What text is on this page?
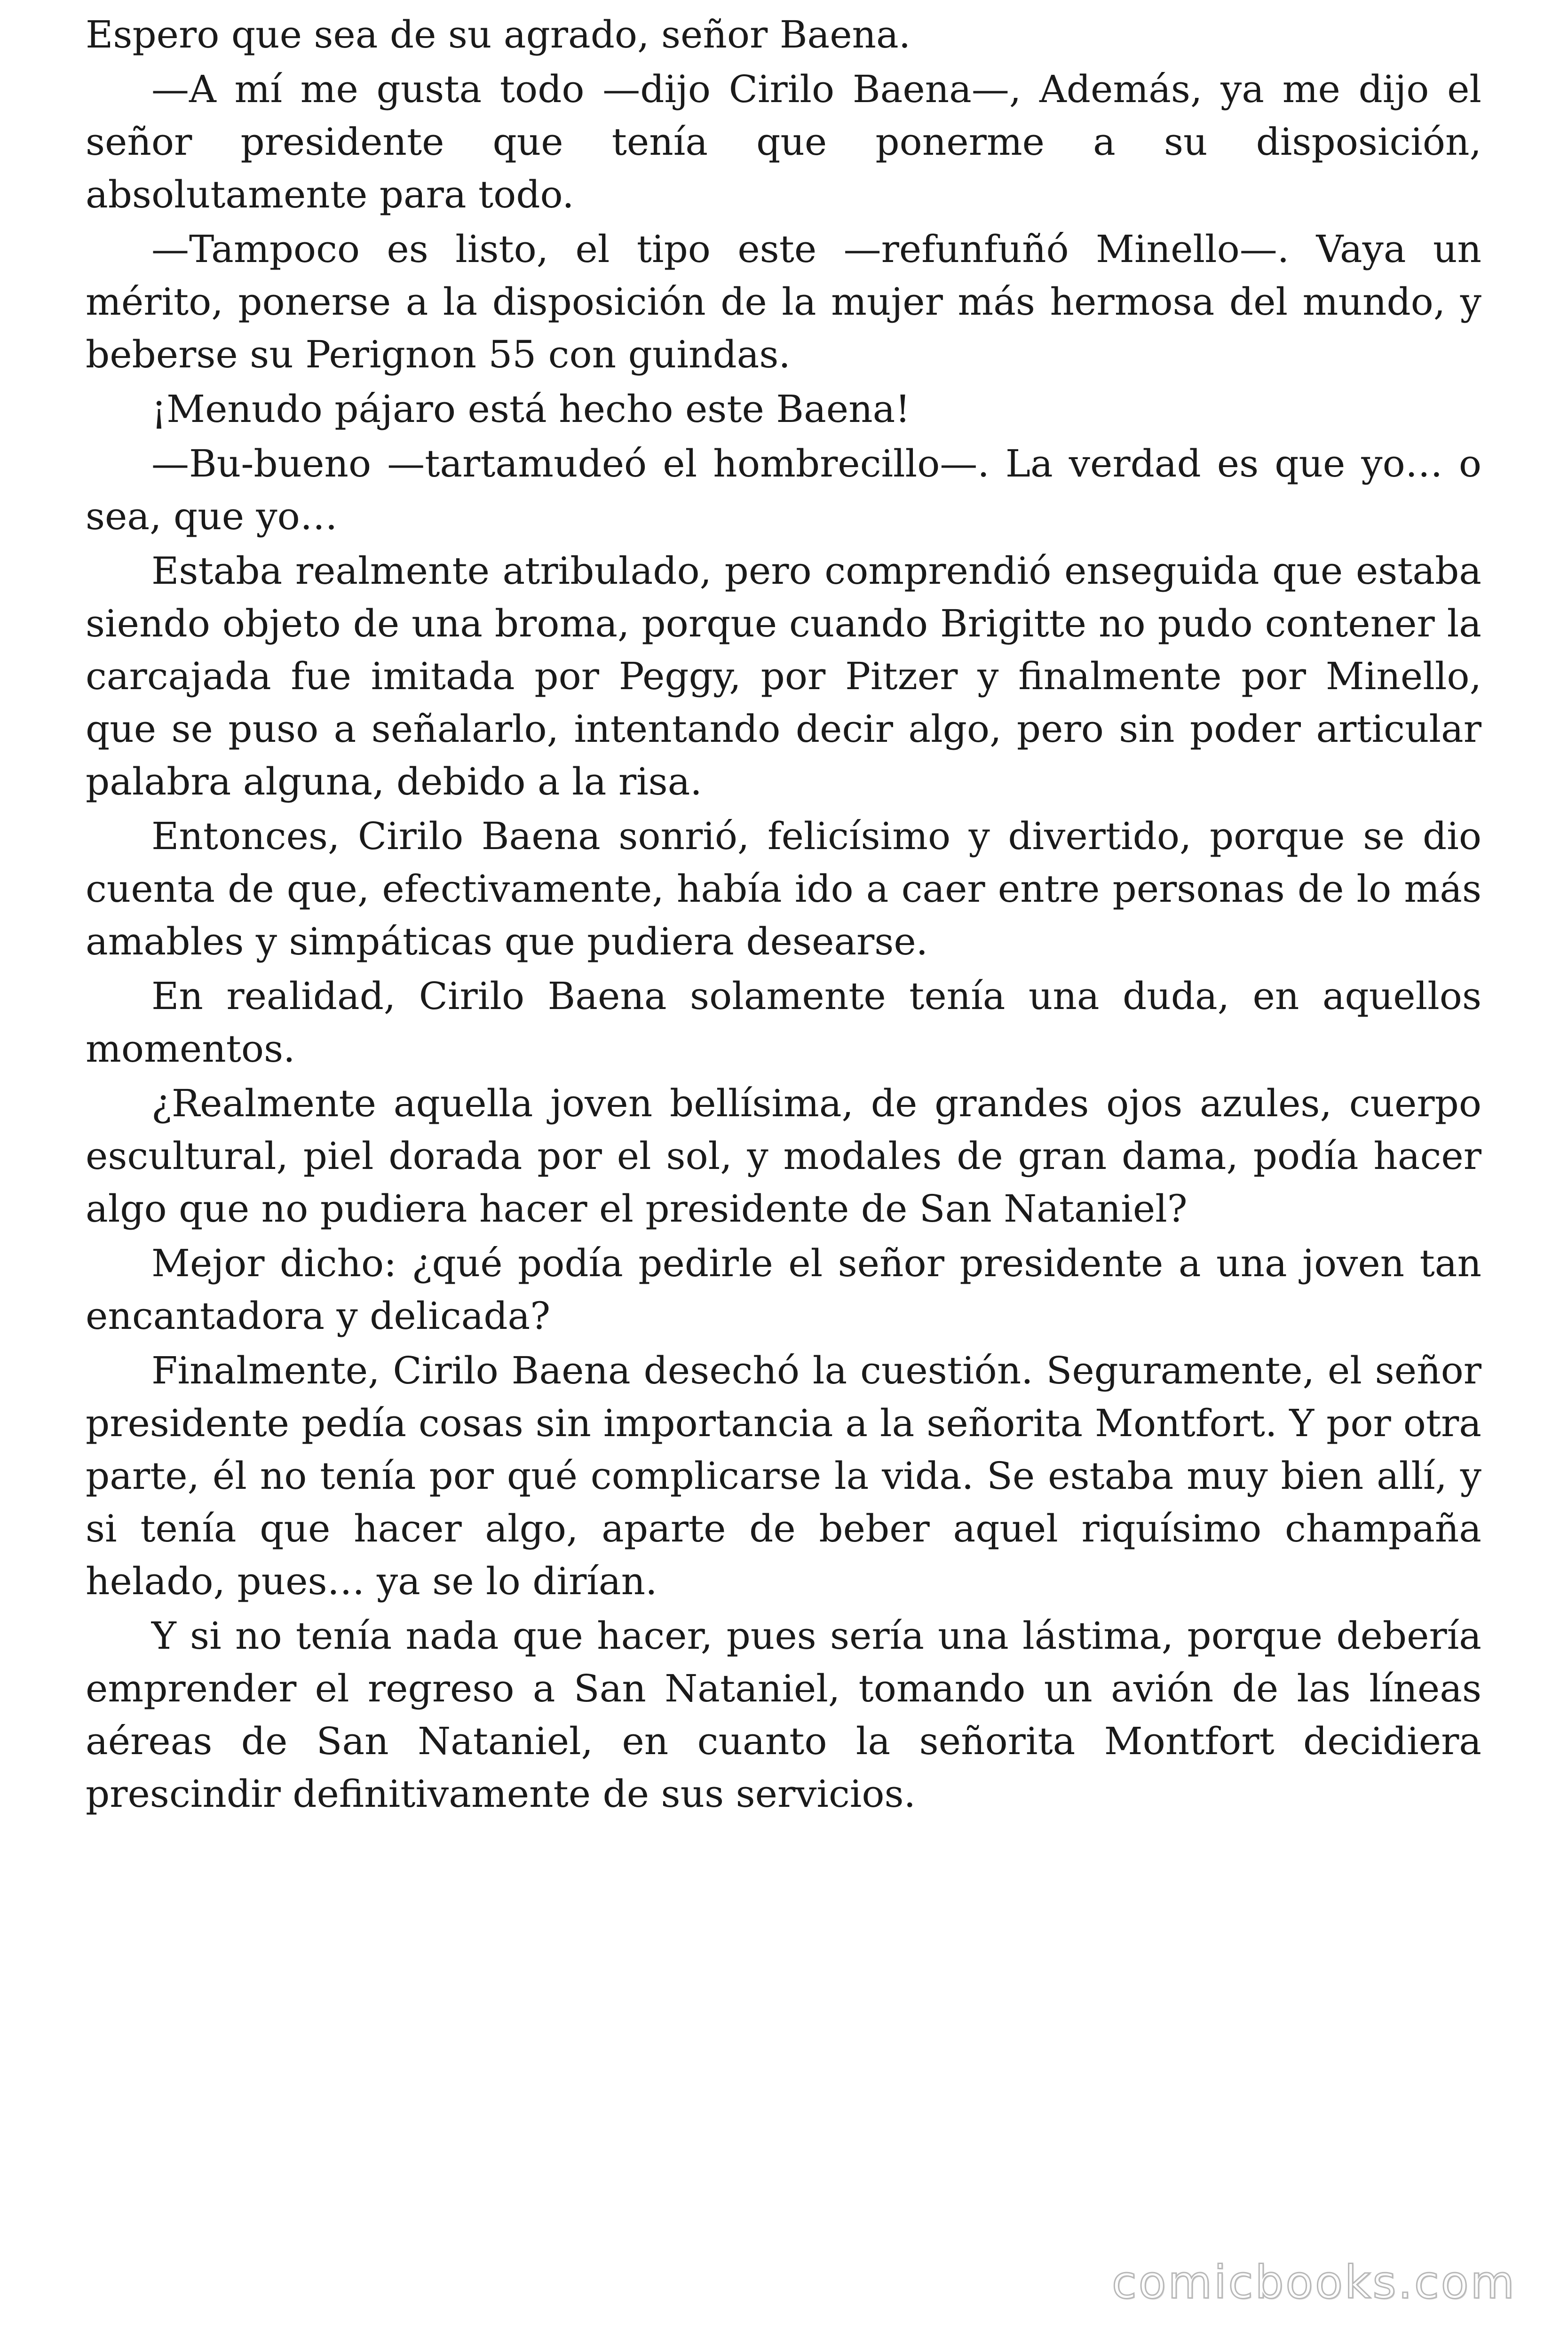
Espero que sea de su agrado, señor Baena.

—A mí me gusta todo —dijo Cirilo Baena—, Además, ya me dijo el señor presidente que tenía que ponerme a su disposición, absolutamente para todo.

—Tampoco es listo, el tipo este —refunfuñó Minello—. Vaya un mérito, ponerse a la disposición de la mujer más hermosa del mundo, y beberse su Perignon 55 con guindas.

¡Menudo pájaro está hecho este Baena!

—Bu-bueno —tartamudeó el hombrecillo—. La verdad es que yo… o sea, que yo…

Estaba realmente atribulado, pero comprendió enseguida que estaba siendo objeto de una broma, porque cuando Brigitte no pudo contener la carcajada fue imitada por Peggy, por Pitzer y finalmente por Minello, que se puso a señalarlo, intentando decir algo, pero sin poder articular palabra alguna, debido a la risa.

Entonces, Cirilo Baena sonrió, felicísimo y divertido, porque se dio cuenta de que, efectivamente, había ido a caer entre personas de lo más amables y simpáticas que pudiera desearse.

En realidad, Cirilo Baena solamente tenía una duda, en aquellos momentos.

¿Realmente aquella joven bellísima, de grandes ojos azules, cuerpo escultural, piel dorada por el sol, y modales de gran dama, podía hacer algo que no pudiera hacer el presidente de San Nataniel?

Mejor dicho: ¿qué podía pedirle el señor presidente a una joven tan encantadora y delicada?

Finalmente, Cirilo Baena desechó la cuestión. Seguramente, el señor presidente pedía cosas sin importancia a la señorita Montfort. Y por otra parte, él no tenía por qué complicarse la vida. Se estaba muy bien allí, y si tenía que hacer algo, aparte de beber aquel riquísimo champaña helado, pues… ya se lo dirían.

Y si no tenía nada que hacer, pues sería una lástima, porque debería emprender el regreso a San Nataniel, tomando un avión de las líneas aéreas de San Nataniel, en cuanto la señorita Montfort decidiera prescindir definitivamente de sus servicios.

comicbooks.com
